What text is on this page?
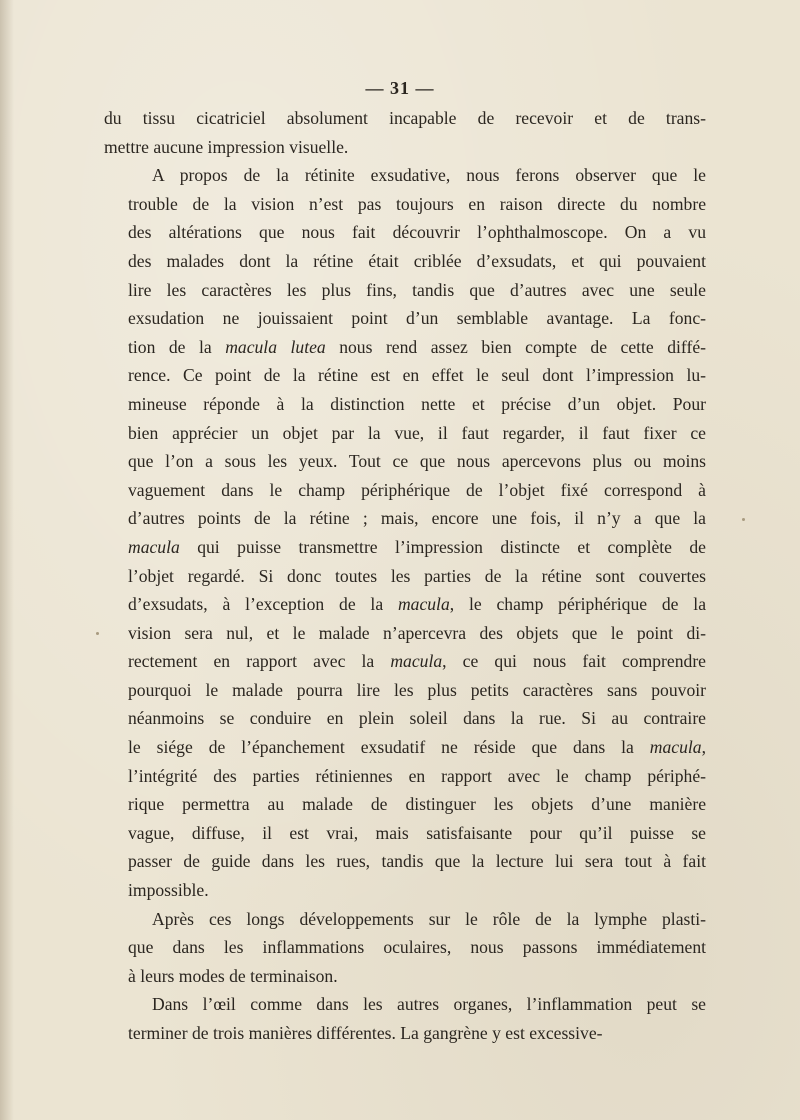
— 31 —
du tissu cicatriciel absolument incapable de recevoir et de trans-
mettre aucune impression visuelle.
A propos de la rétinite exsudative, nous ferons observer que le
trouble de la vision n’est pas toujours en raison directe du nombre
des altérations que nous fait découvrir l’ophthalmoscope. On a vu
des malades dont la rétine était criblée d’exsudats, et qui pouvaient
lire les caractères les plus fins, tandis que d’autres avec une seule
exsudation ne jouissaient point d’un semblable avantage. La fonc-
tion de la macula lutea nous rend assez bien compte de cette diffé-
rence. Ce point de la rétine est en effet le seul dont l’impression lu-
mineuse réponde à la distinction nette et précise d’un objet. Pour
bien apprécier un objet par la vue, il faut regarder, il faut fixer ce
que l’on a sous les yeux. Tout ce que nous apercevons plus ou moins
vaguement dans le champ périphérique de l’objet fixé correspond à
d’autres points de la rétine ; mais, encore une fois, il n’y a que la
macula qui puisse transmettre l’impression distincte et complète de
l’objet regardé. Si donc toutes les parties de la rétine sont couvertes
d’exsudats, à l’exception de la macula, le champ périphérique de la
vision sera nul, et le malade n’apercevra des objets que le point di-
rectement en rapport avec la macula, ce qui nous fait comprendre
pourquoi le malade pourra lire les plus petits caractères sans pouvoir
néanmoins se conduire en plein soleil dans la rue. Si au contraire
le siége de l’épanchement exsudatif ne réside que dans la macula,
l’intégrité des parties rétiniennes en rapport avec le champ périphé-
rique permettra au malade de distinguer les objets d’une manière
vague, diffuse, il est vrai, mais satisfaisante pour qu’il puisse se
passer de guide dans les rues, tandis que la lecture lui sera tout à fait
impossible.
Après ces longs développements sur le rôle de la lymphe plasti-
que dans les inflammations oculaires, nous passons immédiatement
à leurs modes de terminaison.
Dans l’œil comme dans les autres organes, l’inflammation peut se
terminer de trois manières différentes. La gangrène y est excessive-
